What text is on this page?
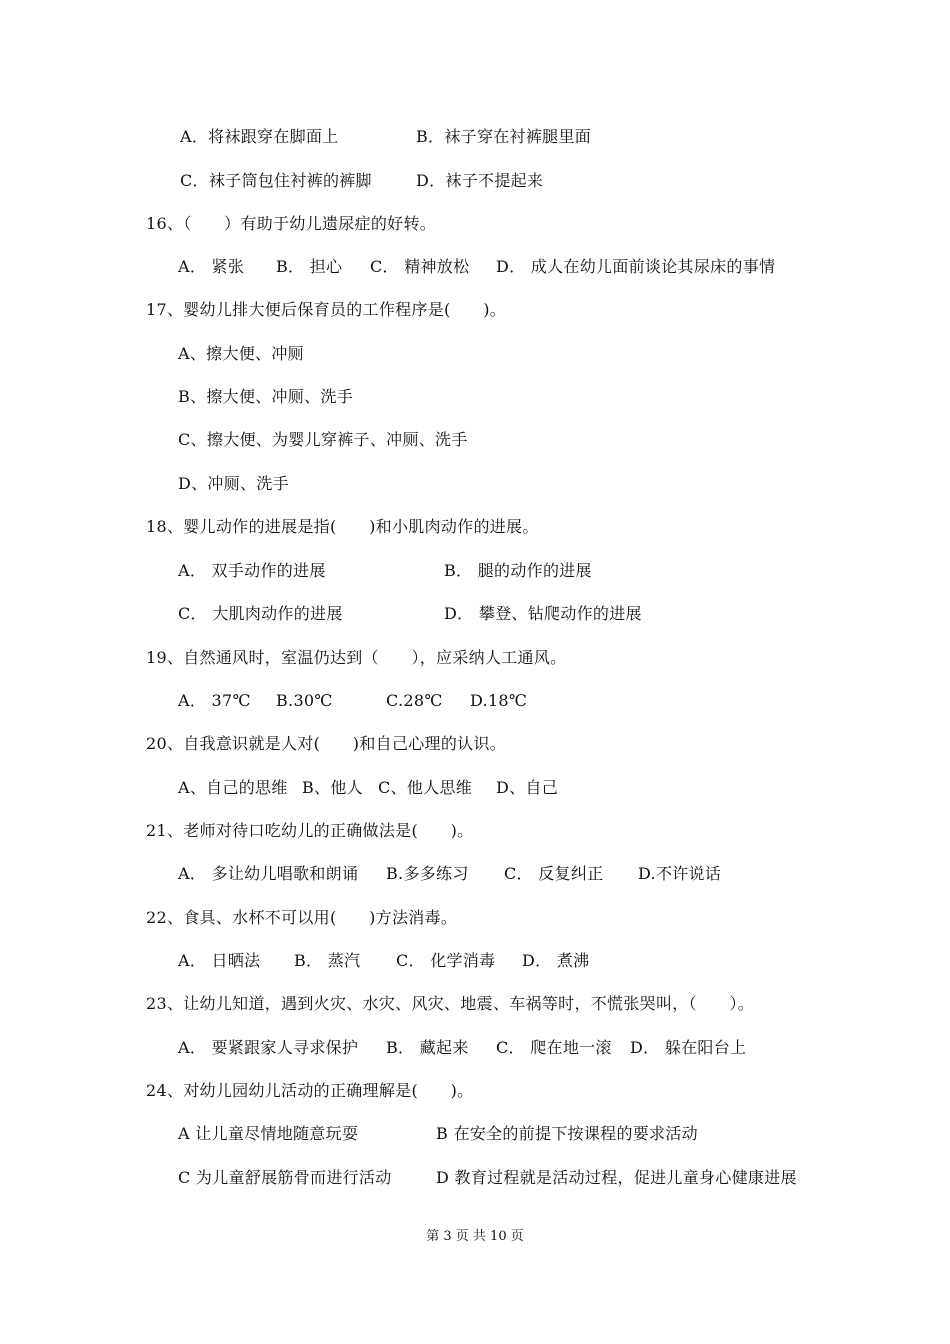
A．将袜跟穿在脚面上

	B．袜子穿在衬裤腿里面

C．袜子筒包住衬裤的裤脚

	D．袜子不提起来

16、（　　）有助于幼儿遗尿症的好转。

A． 紧张

B． 担心

C． 精神放松

D． 成人在幼儿面前谈论其尿床的事情

17、婴幼儿排大便后保育员的工作程序是(　　)。
A、擦大便、冲厕
B、擦大便、冲厕、洗手
C、擦大便、为婴儿穿裤子、冲厕、洗手
D、冲厕、洗手
18、婴儿动作的进展是指(　　)和小肌肉动作的进展。

A． 双手动作的进展

	B． 腿的动作的进展

C． 大肌肉动作的进展

	D． 攀登、钻爬动作的进展

19、自然通风时，室温仍达到（　　），应采纳人工通风。

A． 37℃

B.30℃

	C.28℃

D.18℃

20、自我意识就是人对(　　)和自己心理的认识。

A、自己的思维

B、他人

C、他人思维

D、自己

21、老师对待口吃幼儿的正确做法是(　　)。

A． 多让幼儿唱歌和朗诵

B.多多练习

C． 反复纠正

D.不许说话

22、食具、水杯不可以用(　　)方法消毒。

A． 日晒法

B． 蒸汽

C． 化学消毒

D． 煮沸

23、让幼儿知道，遇到火灾、水灾、风灾、地震、车祸等时，不慌张哭叫，（　　）。

A． 要紧跟家人寻求保护

B． 藏起来

C． 爬在地一滚

D． 躲在阳台上

24、对幼儿园幼儿活动的正确理解是(　　)。

A 让儿童尽情地随意玩耍

	B 在安全的前提下按课程的要求活动

C 为儿童舒展筋骨而进行活动

	D 教育过程就是活动过程，促进儿童身心健康进展

第 3 页 共 10 页
